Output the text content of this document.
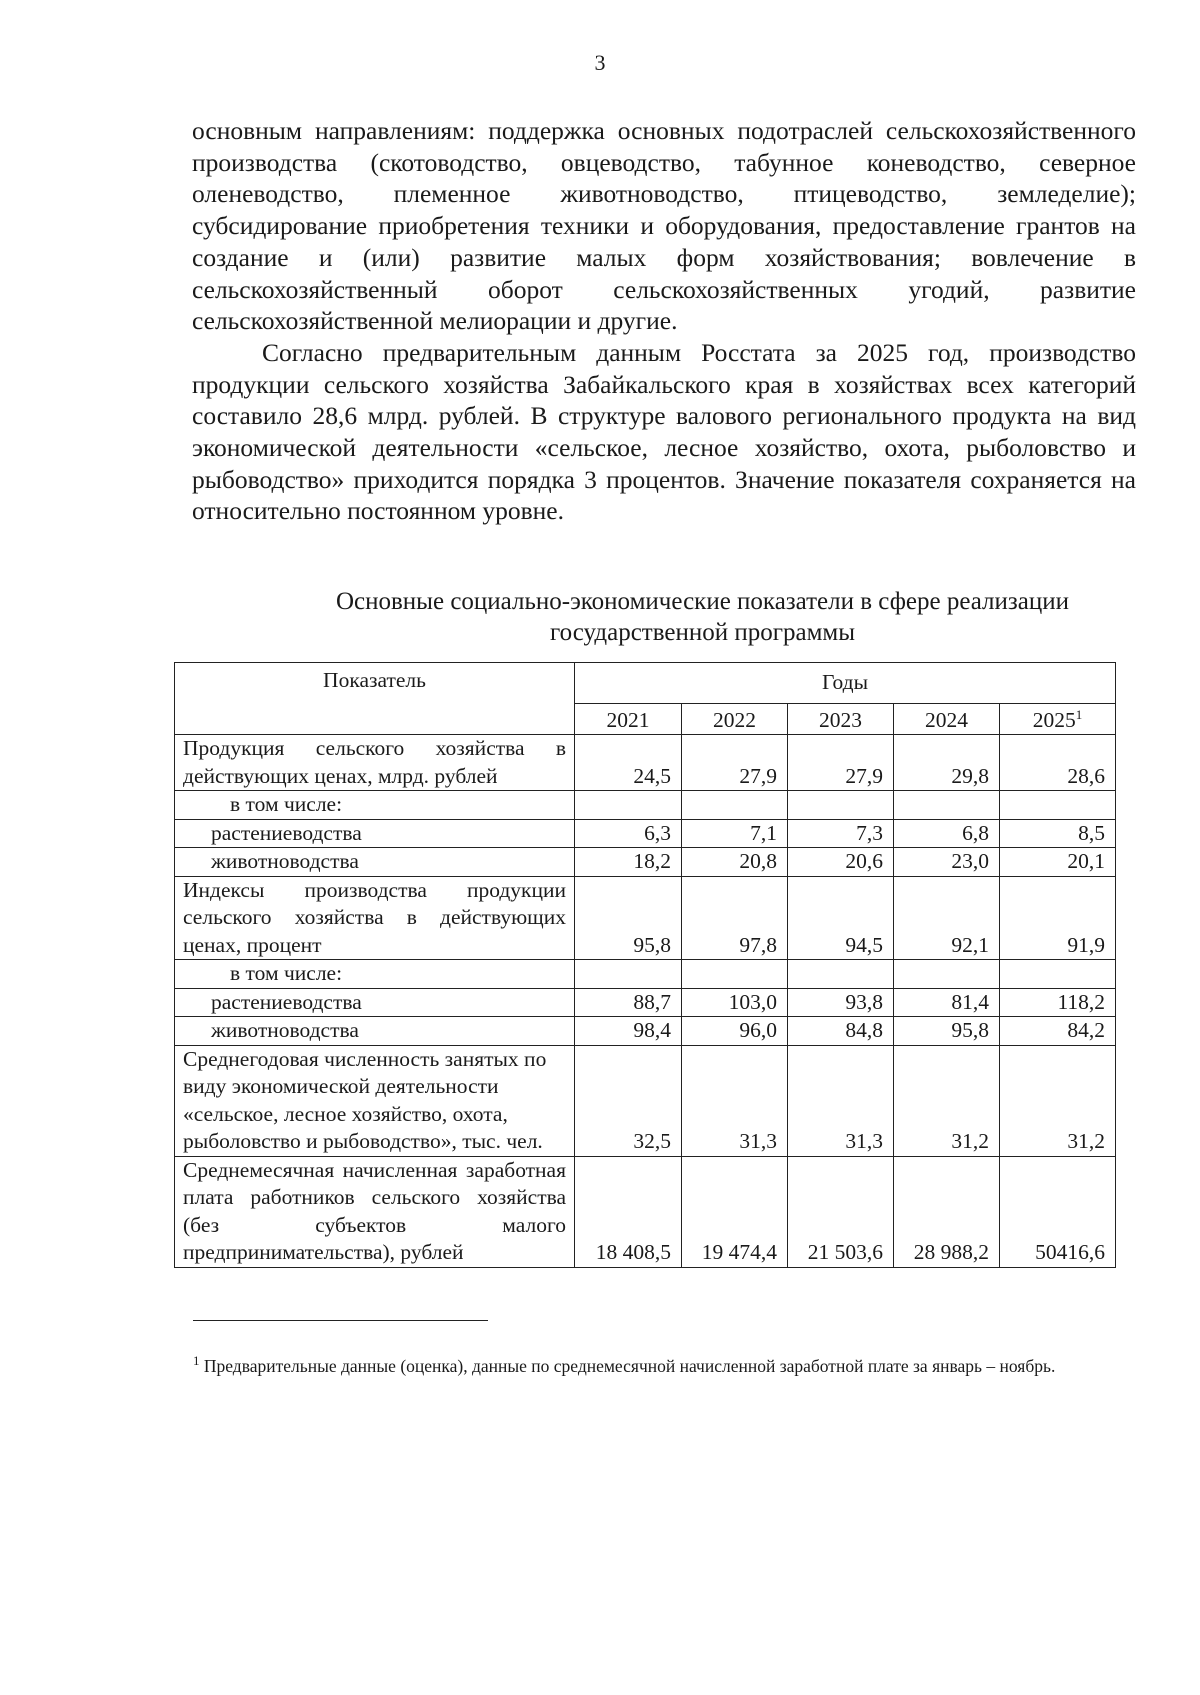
3

основным направлениям: поддержка основных подотраслей сельскохозяйственного производства (скотоводство, овцеводство, табунное коневодство, северное оленеводство, племенное животноводство, птицеводство, земледелие); субсидирование приобретения техники и оборудования, предоставление грантов на создание и (или) развитие малых форм хозяйствования; вовлечение в сельскохозяйственный оборот сельскохозяйственных угодий, развитие сельскохозяйственной мелиорации и другие.

Согласно предварительным данным Росстата за 2025 год, производство продукции сельского хозяйства Забайкальского края в хозяйствах всех категорий составило 28,6 млрд. рублей. В структуре валового регионального продукта на вид экономической деятельности «сельское, лесное хозяйство, охота, рыболовство и рыбоводство» приходится порядка 3 процентов. Значение показателя сохраняется на относительно постоянном уровне.

Основные социально-экономические показатели в сфере реализации государственной программы
Показатель	Годы				
	2021	2022	2023	2024	2025$^1$
Продукция сельского хозяйства в действующих ценах, млрд. рублей	24,5	27,9	27,9	29,8	28,6
в том числе:					
растениеводства	6,3	7,1	7,3	6,8	8,5
животноводства	18,2	20,8	20,6	23,0	20,1
Индексы производства продукции сельского хозяйства в действующих ценах, процент	95,8	97,8	94,5	92,1	91,9
в том числе:					
растениеводства	88,7	103,0	93,8	81,4	118,2
животноводства	98,4	96,0	84,8	95,8	84,2
Среднегодовая численность занятых по виду экономической деятельности «сельское, лесное хозяйство, охота, рыболовство и рыбоводство», тыс. чел.	32,5	31,3	31,3	31,2	31,2
Среднемесячная начисленная заработная плата работников сельского хозяйства (без субъектов малого предпринимательства), рублей	18 408,5	19 474,4	21 503,6	28 988,2	50416,6
$^1$ Предварительные данные (оценка), данные по среднемесячной начисленной заработной плате за январь – ноябрь.
